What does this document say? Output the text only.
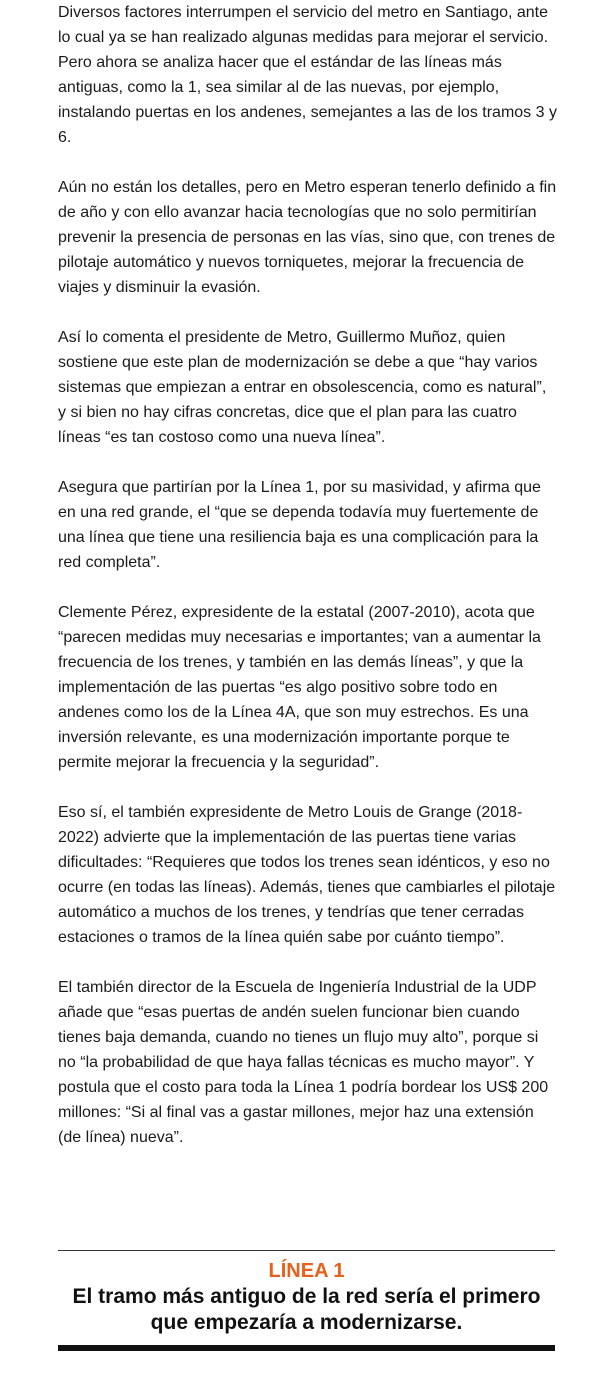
Diversos factores interrumpen el servicio del metro en Santiago, ante lo cual ya se han realizado algunas medidas para mejorar el servicio. Pero ahora se analiza hacer que el estándar de las líneas más antiguas, como la 1, sea similar al de las nuevas, por ejemplo, instalando puertas en los andenes, semejantes a las de los tramos 3 y 6.

Aún no están los detalles, pero en Metro esperan tenerlo definido a fin de año y con ello avanzar hacia tecnologías que no solo permitirían prevenir la presencia de personas en las vías, sino que, con trenes de pilotaje automático y nuevos torniquetes, mejorar la frecuencia de viajes y disminuir la evasión.

Así lo comenta el presidente de Metro, Guillermo Muñoz, quien sostiene que este plan de modernización se debe a que “hay varios sistemas que empiezan a entrar en obsolescencia, como es natural”, y si bien no hay cifras concretas, dice que el plan para las cuatro líneas “es tan costoso como una nueva línea”.

Asegura que partirían por la Línea 1, por su masividad, y afirma que en una red grande, el “que se dependa todavía muy fuertemente de una línea que tiene una resiliencia baja es una complicación para la red completa”.

Clemente Pérez, expresidente de la estatal (2007-2010), acota que “parecen medidas muy necesarias e importantes; van a aumentar la frecuencia de los trenes, y también en las demás líneas”, y que la implementación de las puertas “es algo positivo sobre todo en andenes como los de la Línea 4A, que son muy estrechos. Es una inversión relevante, es una modernización importante porque te permite mejorar la frecuencia y la seguridad”.

Eso sí, el también expresidente de Metro Louis de Grange (2018-2022) advierte que la implementación de las puertas tiene varias dificultades: “Requieres que todos los trenes sean idénticos, y eso no ocurre (en todas las líneas). Además, tienes que cambiarles el pilotaje automático a muchos de los trenes, y tendrías que tener cerradas estaciones o tramos de la línea quién sabe por cuánto tiempo”.

El también director de la Escuela de Ingeniería Industrial de la UDP añade que “esas puertas de andén suelen funcionar bien cuando tienes baja demanda, cuando no tienes un flujo muy alto”, porque si no “la probabilidad de que haya fallas técnicas es mucho mayor”. Y postula que el costo para toda la Línea 1 podría bordear los US$ 200 millones: “Si al final vas a gastar millones, mejor haz una extensión (de línea) nueva”.

LÍNEA 1
El tramo más antiguo de la red sería el primero que empezaría a modernizarse.
